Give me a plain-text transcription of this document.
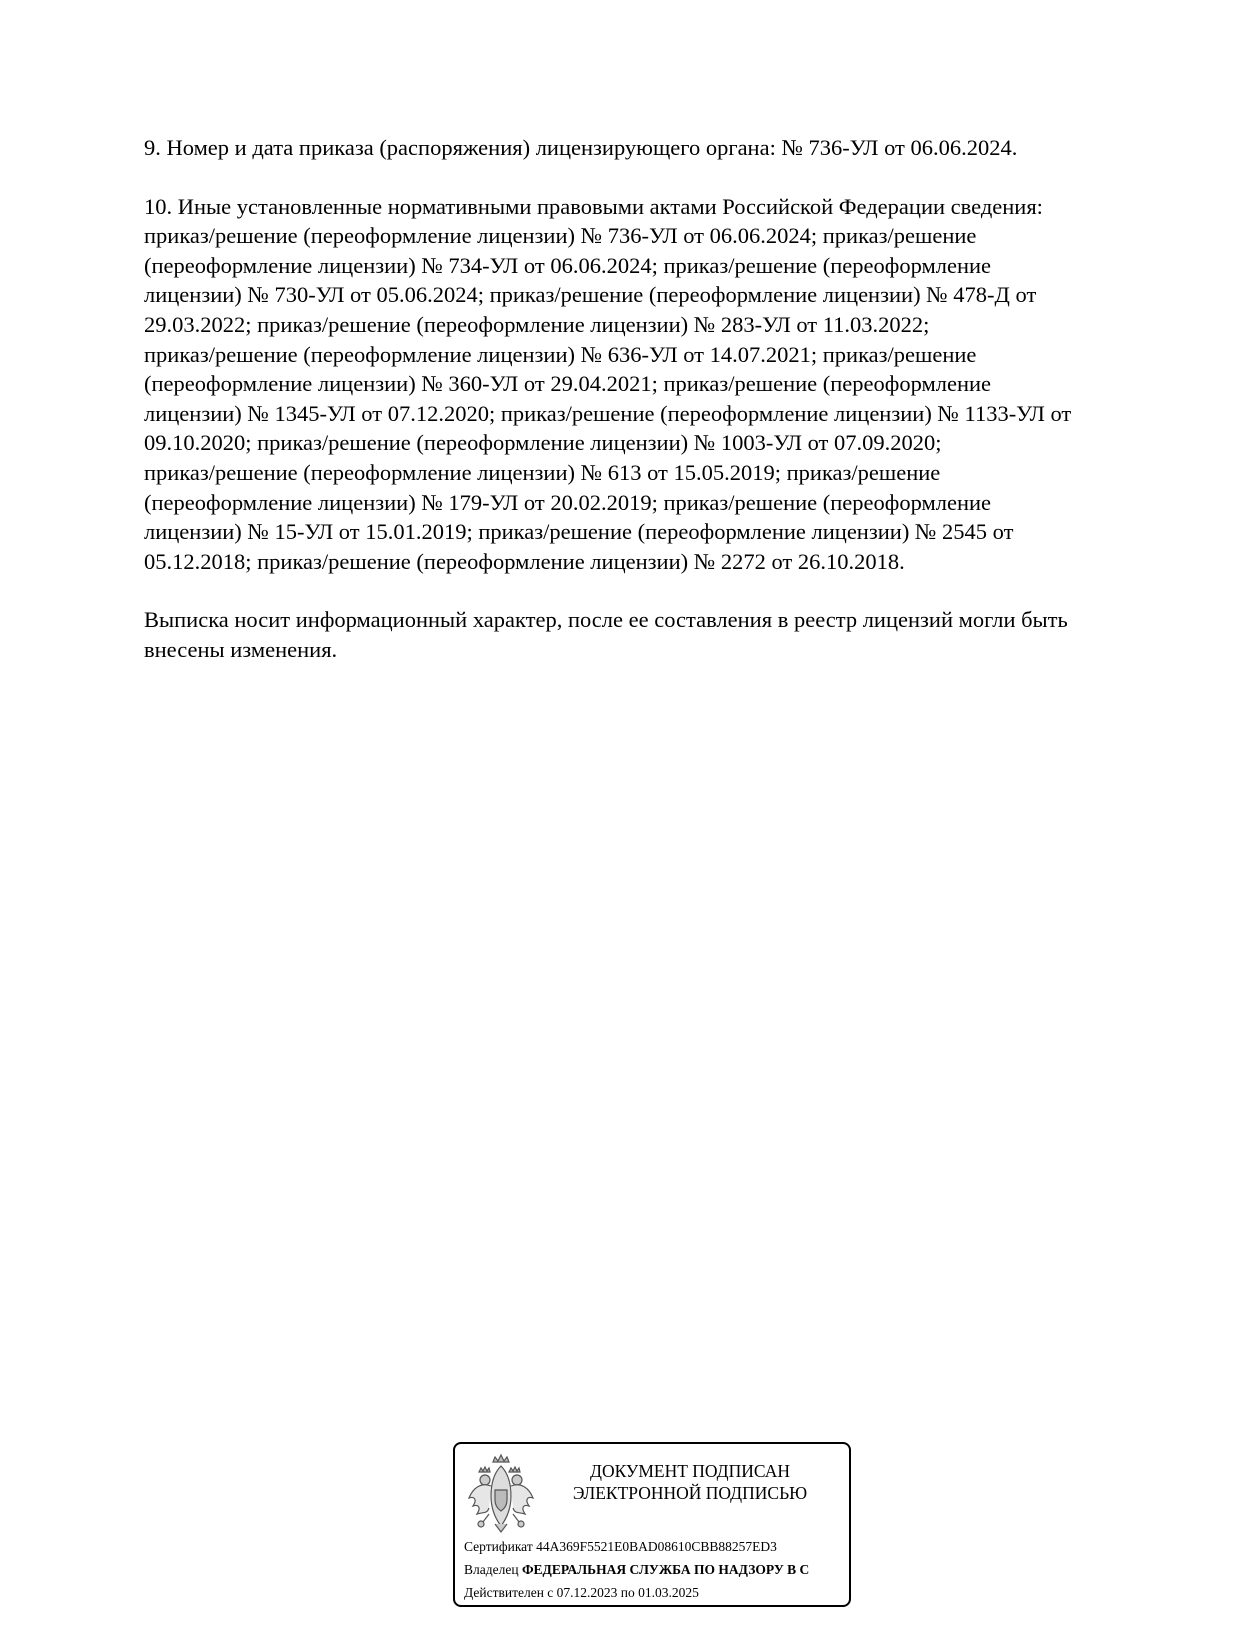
9. Номер и дата приказа (распоряжения) лицензирующего органа: № 736-УЛ от 06.06.2024.

10. Иные установленные нормативными правовыми актами Российской Федерации сведения:
приказ/решение (переоформление лицензии) № 736-УЛ от 06.06.2024; приказ/решение
(переоформление лицензии) № 734-УЛ от 06.06.2024; приказ/решение (переоформление
лицензии) № 730-УЛ от 05.06.2024; приказ/решение (переоформление лицензии) № 478-Д от
29.03.2022; приказ/решение (переоформление лицензии) № 283-УЛ от 11.03.2022;
приказ/решение (переоформление лицензии) № 636-УЛ от 14.07.2021; приказ/решение
(переоформление лицензии) № 360-УЛ от 29.04.2021; приказ/решение (переоформление
лицензии) № 1345-УЛ от 07.12.2020; приказ/решение (переоформление лицензии) № 1133-УЛ от
09.10.2020; приказ/решение (переоформление лицензии) № 1003-УЛ от 07.09.2020;
приказ/решение (переоформление лицензии) № 613 от 15.05.2019; приказ/решение
(переоформление лицензии) № 179-УЛ от 20.02.2019; приказ/решение (переоформление
лицензии) № 15-УЛ от 15.01.2019; приказ/решение (переоформление лицензии) № 2545 от
05.12.2018; приказ/решение (переоформление лицензии) № 2272 от 26.10.2018.

Выписка носит информационный характер, после ее составления в реестр лицензий могли быть
внесены изменения.

ДОКУМЕНТ ПОДПИСАН
ЭЛЕКТРОННОЙ ПОДПИСЬЮ
Сертификат 44A369F5521E0BAD08610CBB88257ED3
Владелец ФЕДЕРАЛЬНАЯ СЛУЖБА ПО НАДЗОРУ В С
Действителен с 07.12.2023 по 01.03.2025
